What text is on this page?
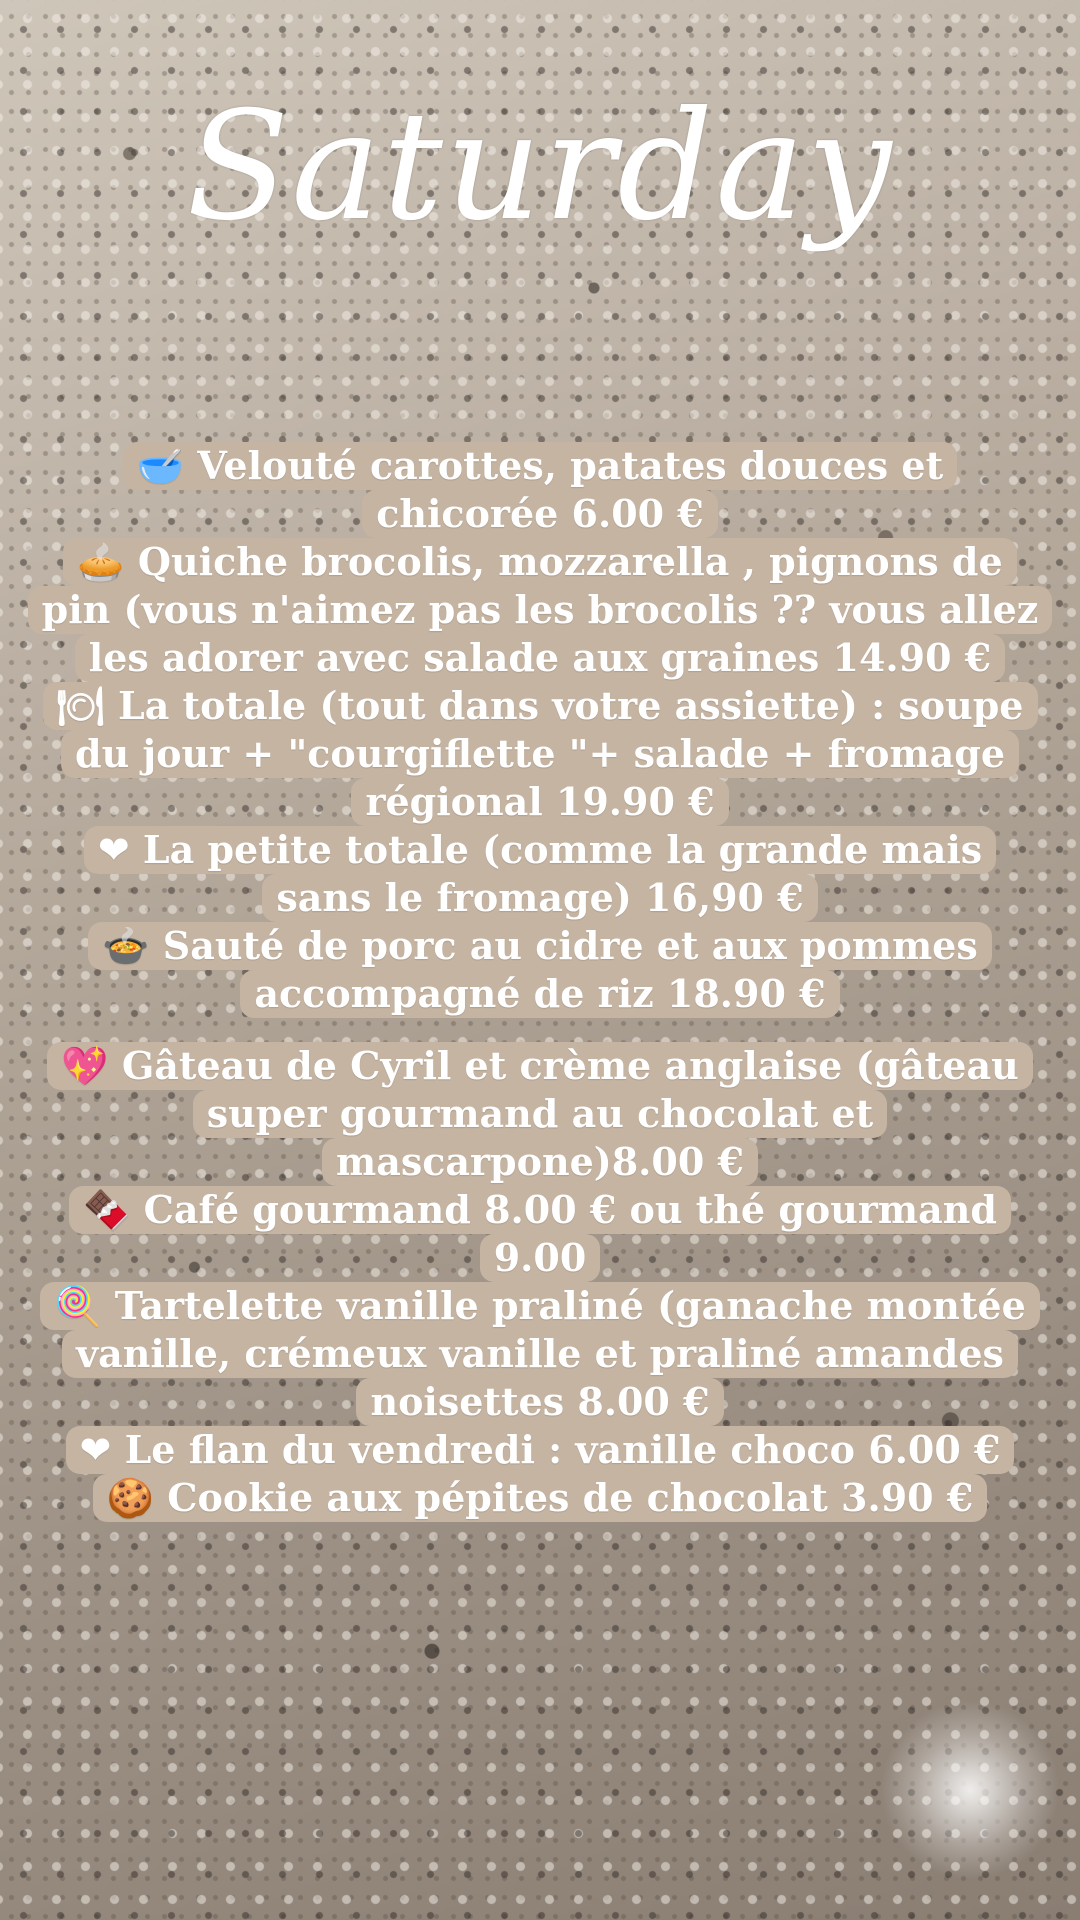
Saturday
🥣 Velouté carottes, patates douces et
chicorée 6.00 €
🥧 Quiche brocolis, mozzarella , pignons de
pin (vous n'aimez pas les brocolis ?? vous allez
les adorer avec salade aux graines 14.90 €
🍽 La totale (tout dans votre assiette) : soupe
du jour + "courgiflette "+ salade + fromage
régional 19.90 €
❤ La petite totale (comme la grande mais
sans le fromage) 16,90 €
🍲 Sauté de porc au cidre et aux pommes
accompagné de riz 18.90 €
💖 Gâteau de Cyril et crème anglaise (gâteau
super gourmand au chocolat et
mascarpone)8.00 €
🍫 Café gourmand 8.00 € ou thé gourmand
9.00
🍭 Tartelette vanille praliné (ganache montée
vanille, crémeux vanille et praliné amandes
noisettes 8.00 €
❤ Le flan du vendredi : vanille choco 6.00 €
🍪 Cookie aux pépites de chocolat 3.90 €
